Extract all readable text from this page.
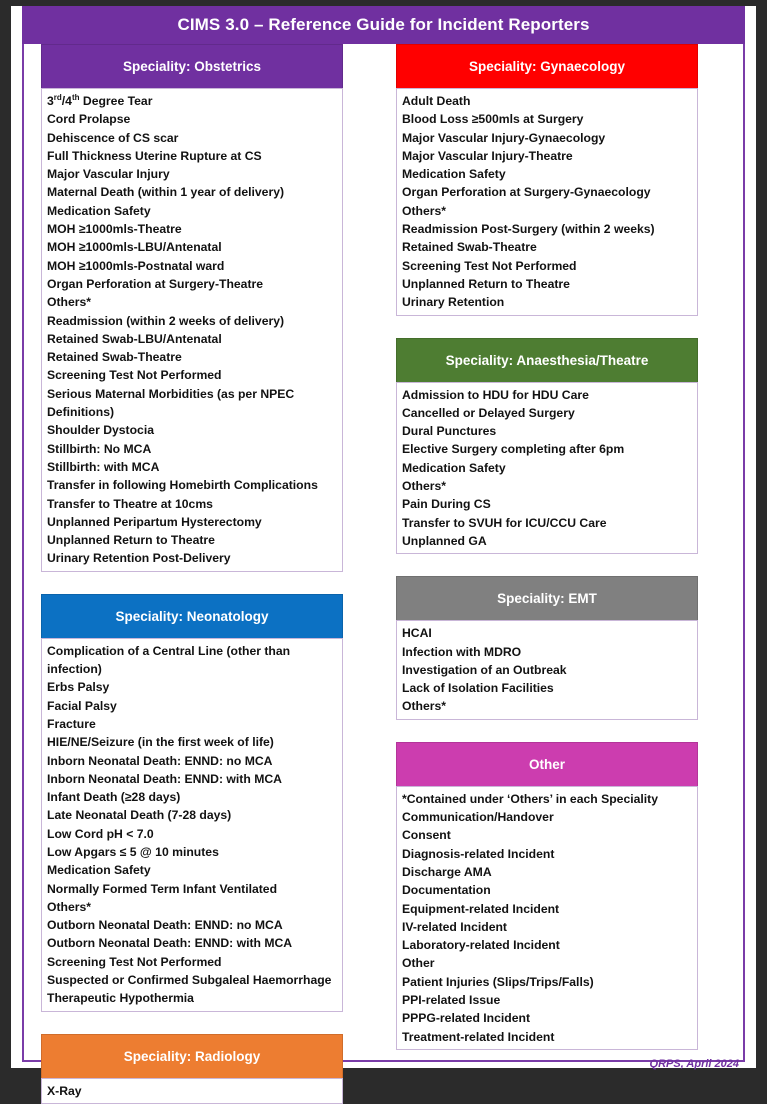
CIMS 3.0 – Reference Guide for Incident Reporters
Speciality: Obstetrics
3rd/4th Degree Tear
Cord Prolapse
Dehiscence of CS scar
Full Thickness Uterine Rupture at CS
Major Vascular Injury
Maternal Death (within 1 year of delivery)
Medication Safety
MOH ≥1000mls-Theatre
MOH ≥1000mls-LBU/Antenatal
MOH ≥1000mls-Postnatal ward
Organ Perforation at Surgery-Theatre
Others*
Readmission (within 2 weeks of delivery)
Retained Swab-LBU/Antenatal
Retained Swab-Theatre
Screening Test Not Performed
Serious Maternal Morbidities (as per NPEC Definitions)
Shoulder Dystocia
Stillbirth: No MCA
Stillbirth: with MCA
Transfer in following Homebirth Complications
Transfer to Theatre at 10cms
Unplanned Peripartum Hysterectomy
Unplanned Return to Theatre
Urinary Retention Post-Delivery
Speciality: Neonatology
Complication of a Central Line (other than infection)
Erbs Palsy
Facial Palsy
Fracture
HIE/NE/Seizure (in the first week of life)
Inborn Neonatal Death: ENND: no MCA
Inborn Neonatal Death: ENND: with MCA
Infant Death (≥28 days)
Late Neonatal Death (7-28 days)
Low Cord pH < 7.0
Low Apgars ≤ 5 @ 10 minutes
Medication Safety
Normally Formed Term Infant Ventilated
Others*
Outborn Neonatal Death: ENND: no MCA
Outborn Neonatal Death: ENND: with MCA
Screening Test Not Performed
Suspected or Confirmed Subgaleal Haemorrhage
Therapeutic Hypothermia
Speciality: Radiology
X-Ray
Speciality: Gynaecology
Adult Death
Blood Loss ≥500mls at Surgery
Major Vascular Injury-Gynaecology
Major Vascular Injury-Theatre
Medication Safety
Organ Perforation at Surgery-Gynaecology
Others*
Readmission Post-Surgery (within 2 weeks)
Retained Swab-Theatre
Screening Test Not Performed
Unplanned Return to Theatre
Urinary Retention
Speciality: Anaesthesia/Theatre
Admission to HDU for HDU Care
Cancelled or Delayed Surgery
Dural Punctures
Elective Surgery completing after 6pm
Medication Safety
Others*
Pain During CS
Transfer to SVUH for ICU/CCU Care
Unplanned GA
Speciality: EMT
HCAI
Infection with MDRO
Investigation of an Outbreak
Lack of Isolation Facilities
Others*
Other
*Contained under ‘Others’ in each Speciality
Communication/Handover
Consent
Diagnosis-related Incident
Discharge AMA
Documentation
Equipment-related Incident
IV-related Incident
Laboratory-related Incident
Other
Patient Injuries (Slips/Trips/Falls)
PPI-related Issue
PPPG-related Incident
Treatment-related Incident
QRPS, April 2024
